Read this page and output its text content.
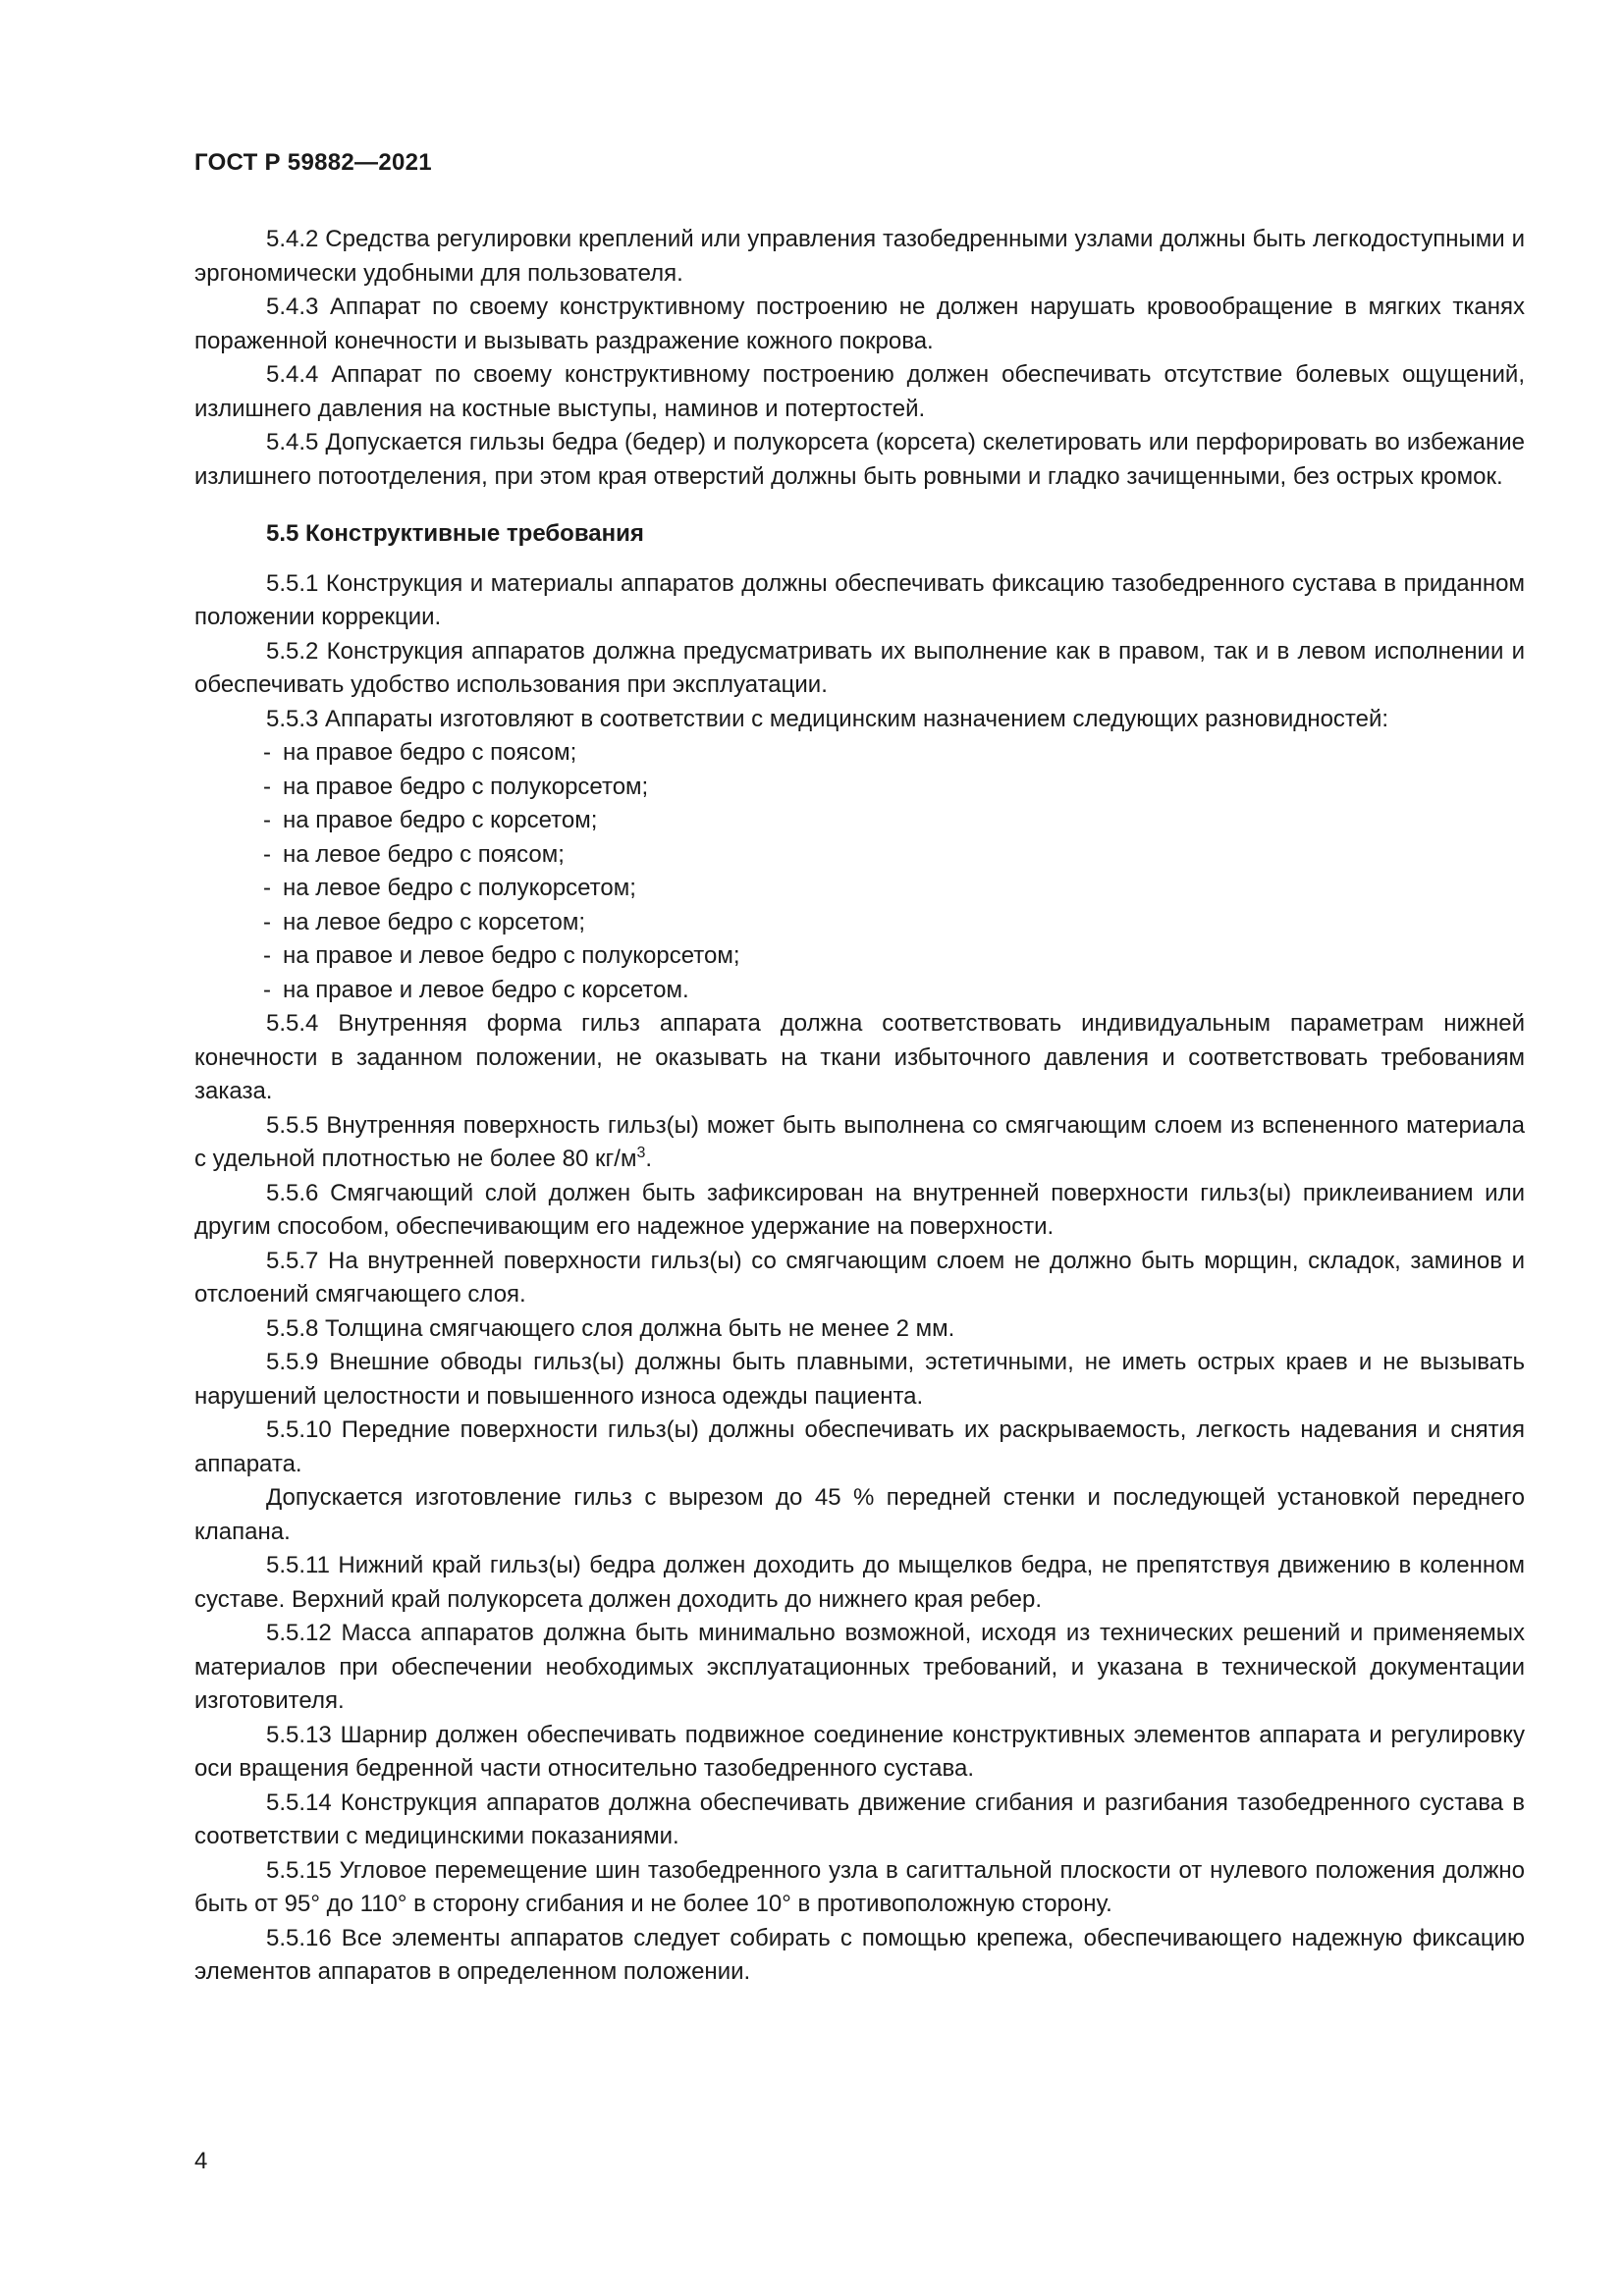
ГОСТ Р 59882—2021

5.4.2 Средства регулировки креплений или управления тазобедренными узлами должны быть легкодоступными и эргономически удобными для пользователя.

5.4.3 Аппарат по своему конструктивному построению не должен нарушать кровообращение в мягких тканях пораженной конечности и вызывать раздражение кожного покрова.

5.4.4 Аппарат по своему конструктивному построению должен обеспечивать отсутствие болевых ощущений, излишнего давления на костные выступы, наминов и потертостей.

5.4.5 Допускается гильзы бедра (бедер) и полукорсета (корсета) скелетировать или перфорировать во избежание излишнего потоотделения, при этом края отверстий должны быть ровными и гладко зачищенными, без острых кромок.

5.5 Конструктивные требования

5.5.1 Конструкция и материалы аппаратов должны обеспечивать фиксацию тазобедренного сустава в приданном положении коррекции.

5.5.2 Конструкция аппаратов должна предусматривать их выполнение как в правом, так и в левом исполнении и обеспечивать удобство использования при эксплуатации.

5.5.3 Аппараты изготовляют в соответствии с медицинским назначением следующих разновидностей:

- на правое бедро с поясом;
- на правое бедро с полукорсетом;
- на правое бедро с корсетом;
- на левое бедро с поясом;
- на левое бедро с полукорсетом;
- на левое бедро с корсетом;
- на правое и левое бедро с полукорсетом;
- на правое и левое бедро с корсетом.

5.5.4 Внутренняя форма гильз аппарата должна соответствовать индивидуальным параметрам нижней конечности в заданном положении, не оказывать на ткани избыточного давления и соответствовать требованиям заказа.

5.5.5 Внутренняя поверхность гильз(ы) может быть выполнена со смягчающим слоем из вспененного материала с удельной плотностью не более 80 $кг/м^3$.

5.5.6 Смягчающий слой должен быть зафиксирован на внутренней поверхности гильз(ы) приклеиванием или другим способом, обеспечивающим его надежное удержание на поверхности.

5.5.7 На внутренней поверхности гильз(ы) со смягчающим слоем не должно быть морщин, складок, заминов и отслоений смягчающего слоя.

5.5.8 Толщина смягчающего слоя должна быть не менее 2 мм.

5.5.9 Внешние обводы гильз(ы) должны быть плавными, эстетичными, не иметь острых краев и не вызывать нарушений целостности и повышенного износа одежды пациента.

5.5.10 Передние поверхности гильз(ы) должны обеспечивать их раскрываемость, легкость надевания и снятия аппарата.

Допускается изготовление гильз с вырезом до 45 % передней стенки и последующей установкой переднего клапана.

5.5.11 Нижний край гильз(ы) бедра должен доходить до мыщелков бедра, не препятствуя движению в коленном суставе. Верхний край полукорсета должен доходить до нижнего края ребер.

5.5.12 Масса аппаратов должна быть минимально возможной, исходя из технических решений и применяемых материалов при обеспечении необходимых эксплуатационных требований, и указана в технической документации изготовителя.

5.5.13 Шарнир должен обеспечивать подвижное соединение конструктивных элементов аппарата и регулировку оси вращения бедренной части относительно тазобедренного сустава.

5.5.14 Конструкция аппаратов должна обеспечивать движение сгибания и разгибания тазобедренного сустава в соответствии с медицинскими показаниями.

5.5.15 Угловое перемещение шин тазобедренного узла в сагиттальной плоскости от нулевого положения должно быть от 95° до 110° в сторону сгибания и не более 10° в противоположную сторону.

5.5.16 Все элементы аппаратов следует собирать с помощью крепежа, обеспечивающего надежную фиксацию элементов аппаратов в определенном положении.

4
